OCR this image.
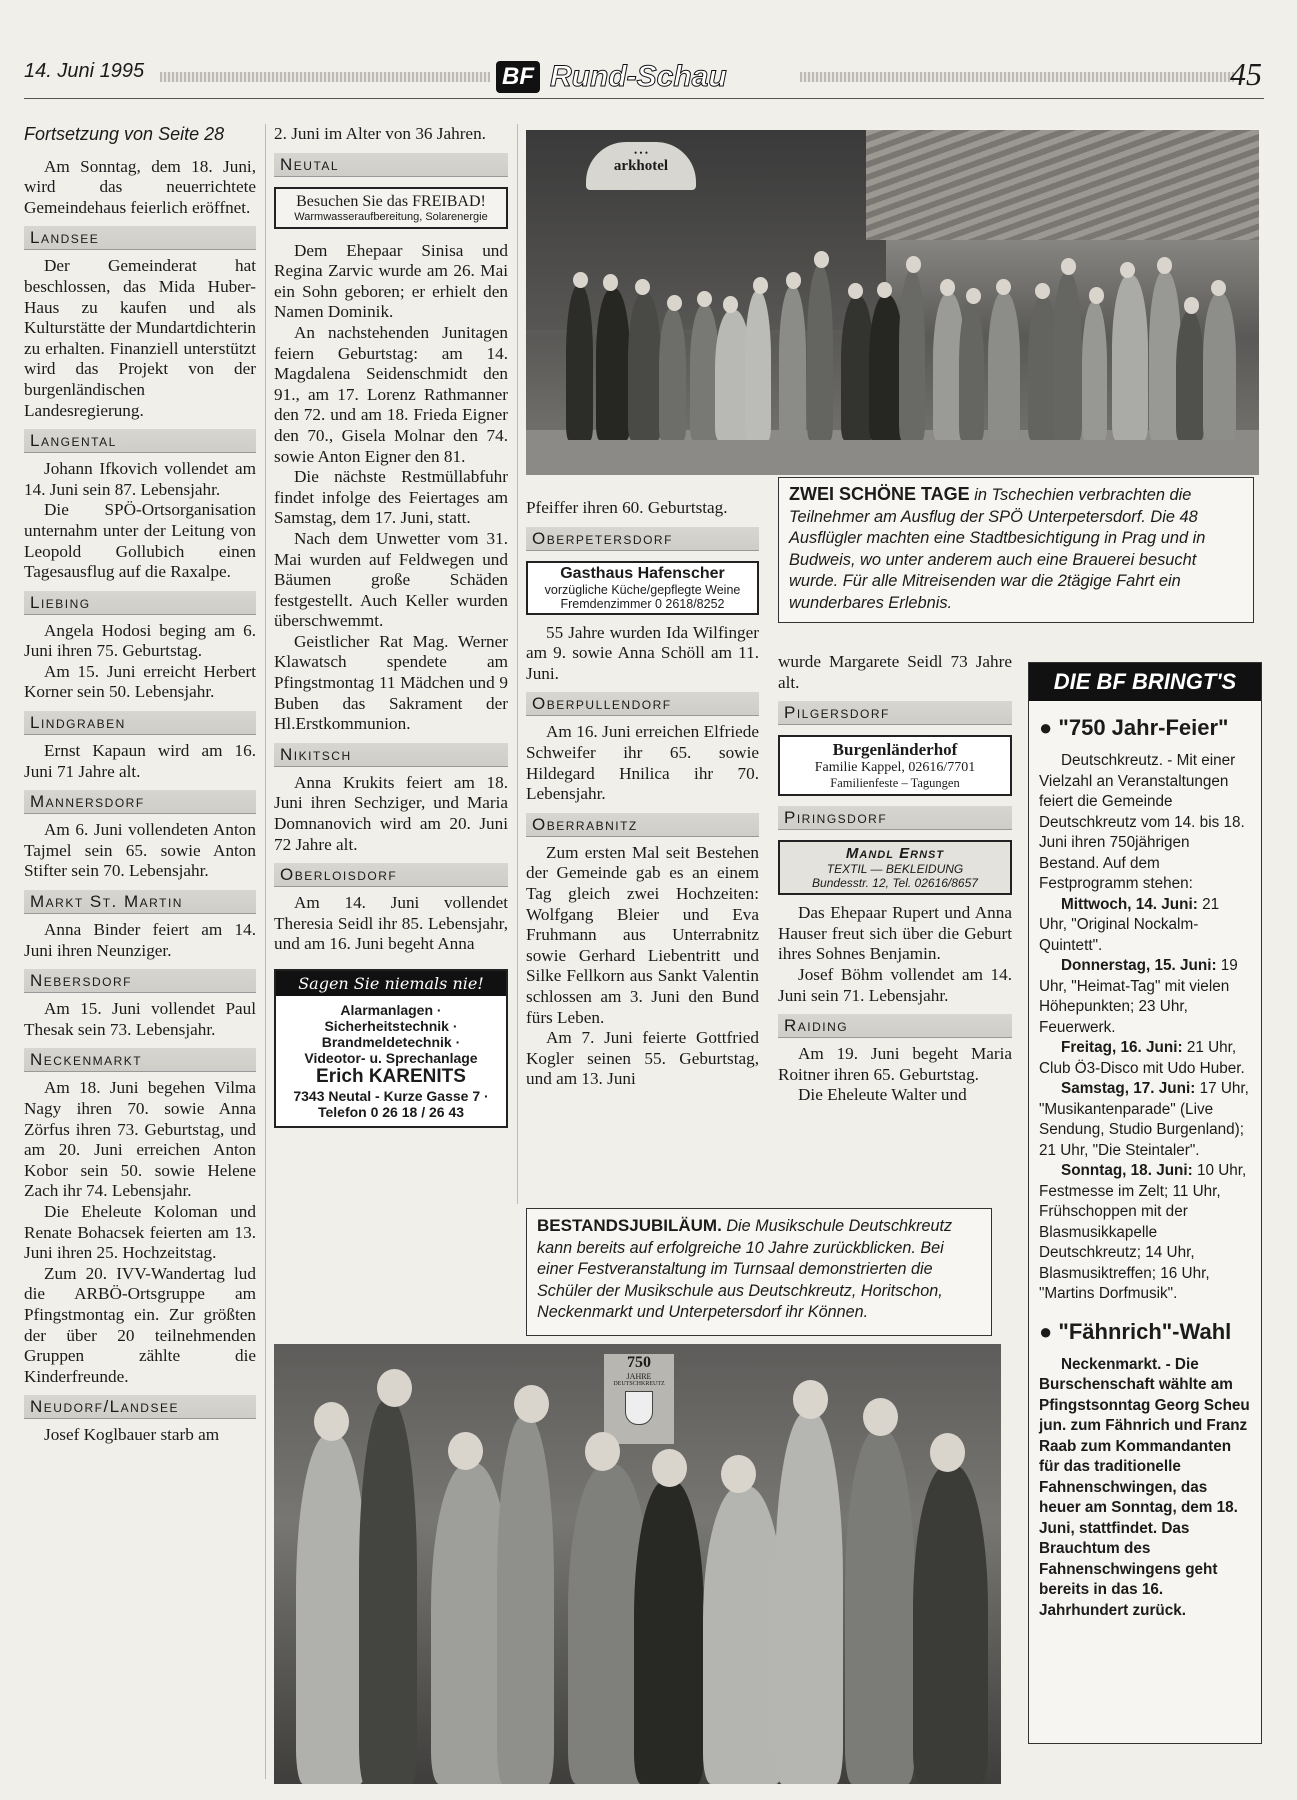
14. Juni 1995	BF Rund-Schau	45

Fortsetzung von Seite 28

Am Sonntag, dem 18. Juni, wird das neuerrichtete Gemeindehaus feierlich eröffnet.

Landsee

Der Gemeinderat hat beschlossen, das Mida Huber-Haus zu kaufen und als Kulturstätte der Mundartdichterin zu erhalten. Finanziell unterstützt wird das Projekt von der burgenländischen Landesregierung.

Langental

Johann Ifkovich vollendet am 14. Juni sein 87. Lebensjahr.

Die SPÖ-Ortsorganisation unternahm unter der Leitung von Leopold Gollubich einen Tagesausflug auf die Raxalpe.

Liebing

Angela Hodosi beging am 6. Juni ihren 75. Geburtstag.

Am 15. Juni erreicht Herbert Korner sein 50. Lebensjahr.

Lindgraben

Ernst Kapaun wird am 16. Juni 71 Jahre alt.

Mannersdorf

Am 6. Juni vollendeten Anton Tajmel sein 65. sowie Anton Stifter sein 70. Lebensjahr.

Markt St. Martin

Anna Binder feiert am 14. Juni ihren Neunziger.

Nebersdorf

Am 15. Juni vollendet Paul Thesak sein 73. Lebensjahr.

Neckenmarkt

Am 18. Juni begehen Vilma Nagy ihren 70. sowie Anna Zörfus ihren 73. Geburtstag, und am 20. Juni erreichen Anton Kobor sein 50. sowie Helene Zach ihr 74. Lebensjahr.

Die Eheleute Koloman und Renate Bohacsek feierten am 13. Juni ihren 25. Hochzeitstag.

Zum 20. IVV-Wandertag lud die ARBÖ-Ortsgruppe am Pfingstmontag ein. Zur größten der über 20 teilnehmenden Gruppen zählte die Kinderfreunde.

Neudorf/Landsee

Josef Koglbauer starb am

2. Juni im Alter von 36 Jahren.

Neutal
Besuchen Sie das FREIBAD!
Warmwasseraufbereitung, Solarenergie

Dem Ehepaar Sinisa und Regina Zarvic wurde am 26. Mai ein Sohn geboren; er erhielt den Namen Dominik.

An nachstehenden Junitagen feiern Geburtstag: am 14. Magdalena Seidenschmidt den 91., am 17. Lorenz Rathmanner den 72. und am 18. Frieda Eigner den 70., Gisela Molnar den 74. sowie Anton Eigner den 81.

Die nächste Restmüllabfuhr findet infolge des Feiertages am Samstag, dem 17. Juni, statt.

Nach dem Unwetter vom 31. Mai wurden auf Feldwegen und Bäumen große Schäden festgestellt. Auch Keller wurden überschwemmt.

Geistlicher Rat Mag. Werner Klawatsch spendete am Pfingstmontag 11 Mädchen und 9 Buben das Sakrament der Hl.Erstkommunion.

Nikitsch

Anna Krukits feiert am 18. Juni ihren Sechziger, und Maria Domnanovich wird am 20. Juni 72 Jahre alt.

Oberloisdorf

Am 14. Juni vollendet Theresia Seidl ihr 85. Lebensjahr, und am 16. Juni begeht Anna

Sagen Sie niemals nie!
Alarmanlagen ·
Sicherheitstechnik ·
Brandmeldetechnik ·
Videotor- u. Sprechanlage
Erich KARENITS
7343 Neutal - Kurze Gasse 7 ·
Telefon 0 26 18 / 26 43
• • •
arkhotel

ZWEI SCHÖNE TAGE in Tschechien verbrachten die Teilnehmer am Ausflug der SPÖ Unterpetersdorf. Die 48 Ausflügler machten eine Stadtbesichtigung in Prag und in Budweis, wo unter anderem auch eine Brauerei besucht wurde. Für alle Mitreisenden war die 2tägige Fahrt ein wunderbares Erlebnis.

Pfeiffer ihren 60. Geburtstag.

Oberpetersdorf
Gasthaus Hafenscher
vorzügliche Küche/gepflegte Weine
Fremdenzimmer 0 2618/8252

55 Jahre wurden Ida Wilfinger am 9. sowie Anna Schöll am 11. Juni.

Oberpullendorf

Am 16. Juni erreichen Elfriede Schweifer ihr 65. sowie Hildegard Hnilica ihr 70. Lebensjahr.

Oberrabnitz

Zum ersten Mal seit Bestehen der Gemeinde gab es an einem Tag gleich zwei Hochzeiten: Wolfgang Bleier und Eva Fruhmann aus Unterrabnitz sowie Gerhard Liebentritt und Silke Fellkorn aus Sankt Valentin schlossen am 3. Juni den Bund fürs Leben.

Am 7. Juni feierte Gottfried Kogler seinen 55. Geburtstag, und am 13. Juni

wurde Margarete Seidl 73 Jahre alt.

Pilgersdorf
Burgenländerhof
Familie Kappel, 02616/7701
Familienfeste – Tagungen
Piringsdorf
Mandl Ernst
TEXTIL — BEKLEIDUNG
Bundesstr. 12, Tel. 02616/8657

Das Ehepaar Rupert und Anna Hauser freut sich über die Geburt ihres Sohnes Benjamin.

Josef Böhm vollendet am 14. Juni sein 71. Lebensjahr.

Raiding

Am 19. Juni begeht Maria Roitner ihren 65. Geburtstag.

Die Eheleute Walter und

BESTANDSJUBILÄUM. Die Musikschule Deutschkreutz kann bereits auf erfolgreiche 10 Jahre zurückblicken. Bei einer Festveranstaltung im Turnsaal demonstrierten die Schüler der Musikschule aus Deutschkreutz, Horitschon, Neckenmarkt und Unterpetersdorf ihr Können.

750
JAHRE
DEUTSCHKREUTZ
DIE BF BRINGT'S
● "750 Jahr-Feier"

Deutschkreutz. - Mit einer Vielzahl an Veranstaltungen feiert die Gemeinde Deutschkreutz vom 14. bis 18. Juni ihren 750jährigen Bestand. Auf dem Festprogramm stehen:

Mittwoch, 14. Juni: 21 Uhr, "Original Nockalm-Quintett".

Donnerstag, 15. Juni: 19 Uhr, "Heimat-Tag" mit vielen Höhepunkten; 23 Uhr, Feuerwerk.

Freitag, 16. Juni: 21 Uhr, Club Ö3-Disco mit Udo Huber.

Samstag, 17. Juni: 17 Uhr, "Musikantenparade" (Live Sendung, Studio Burgenland); 21 Uhr, "Die Steintaler".

Sonntag, 18. Juni: 10 Uhr, Festmesse im Zelt; 11 Uhr, Frühschoppen mit der Blasmusikkapelle Deutschkreutz; 14 Uhr, Blasmusiktreffen; 16 Uhr, "Martins Dorfmusik".

● "Fähnrich"-Wahl

Neckenmarkt. - Die Burschenschaft wählte am Pfingstsonntag Georg Scheu jun. zum Fähnrich und Franz Raab zum Kommandanten für das traditionelle Fahnenschwingen, das heuer am Sonntag, dem 18. Juni, stattfindet. Das Brauchtum des Fahnenschwingens geht bereits in das 16. Jahrhundert zurück.
